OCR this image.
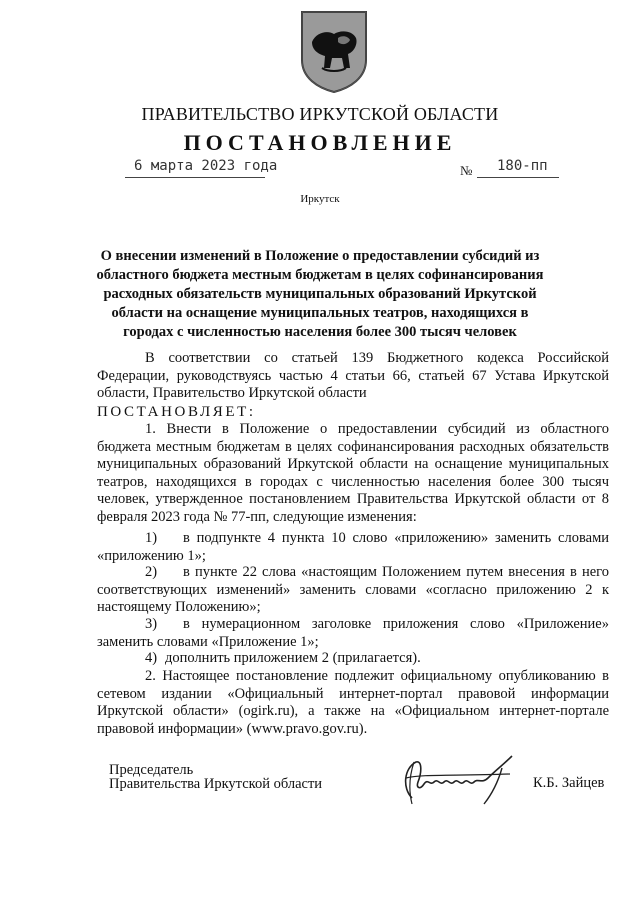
ПРАВИТЕЛЬСТВО ИРКУТСКОЙ ОБЛАСТИ
ПОСТАНОВЛЕНИЕ
6 марта 2023 года	№ 180-пп
Иркутск
О внесении изменений в Положение о предоставлении субсидий из областного бюджета местным бюджетам в целях софинансирования расходных обязательств муниципальных образований Иркутской области на оснащение муниципальных театров, находящихся в городах с численностью населения более 300 тысяч человек
В соответствии со статьей 139 Бюджетного кодекса Российской Федерации, руководствуясь частью 4 статьи 66, статьей 67 Устава Иркутской области, Правительство Иркутской области
ПОСТАНОВЛЯЕТ:
1. Внести в Положение о предоставлении субсидий из областного бюджета местным бюджетам в целях софинансирования расходных обязательств муниципальных образований Иркутской области на оснащение муниципальных театров, находящихся в городах с численностью населения более 300 тысяч человек, утвержденное постановлением Правительства Иркутской области от 8 февраля 2023 года № 77-пп, следующие изменения:
1) в подпункте 4 пункта 10 слово «приложению» заменить словами «приложению 1»;
2) в пункте 22 слова «настоящим Положением путем внесения в него соответствующих изменений» заменить словами «согласно приложению 2 к настоящему Положению»;
3) в нумерационном заголовке приложения слово «Приложение» заменить словами «Приложение 1»;
4) дополнить приложением 2 (прилагается).
2. Настоящее постановление подлежит официальному опубликованию в сетевом издании «Официальный интернет-портал правовой информации Иркутской области» (ogirk.ru), а также на «Официальном интернет-портале правовой информации» (www.pravo.gov.ru).
Председатель
Правительства Иркутской области	К.Б. Зайцев
